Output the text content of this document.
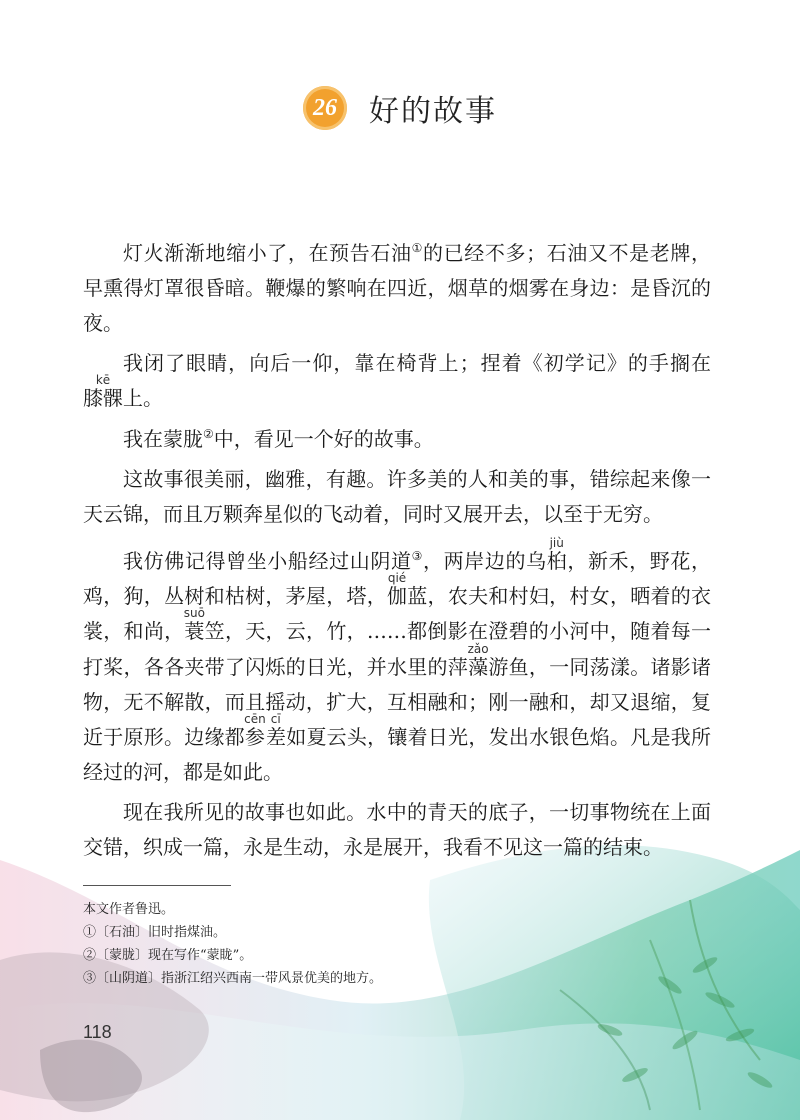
26 好的故事

灯火渐渐地缩小了，在预告石油①的已经不多；石油又不是老牌，早熏得灯罩很昏暗。鞭爆的繁响在四近，烟草的烟雾在身边：是昏沉的夜。

我闭了眼睛，向后一仰，靠在椅背上；捏着《初学记》的手搁在膝髁kē上。

我在蒙胧②中，看见一个好的故事。

这故事很美丽，幽雅，有趣。许多美的人和美的事，错综起来像一天云锦，而且万颗奔星似的飞动着，同时又展开去，以至于无穷。

我仿佛记得曾坐小船经过山阴道③，两岸边的乌桕jiù，新禾，野花，鸡，狗，丛树和枯树，茅屋，塔，伽qié蓝，农夫和村妇，村女，晒着的衣裳，和尚，蓑suō笠，天，云，竹，……都倒影在澄碧的小河中，随着每一打桨，各各夹带了闪烁的日光，并水里的萍藻zǎo游鱼，一同荡漾。诸影诸物，无不解散，而且摇动，扩大，互相融和；刚一融和，却又退缩，复近于原形。边缘都参cēn差cī如夏云头，镶着日光，发出水银色焰。凡是我所经过的河，都是如此。

现在我所见的故事也如此。水中的青天的底子，一切事物统在上面交错，织成一篇，永是生动，永是展开，我看不见这一篇的结束。

本文作者鲁迅。

①〔石油〕旧时指煤油。

②〔蒙胧〕现在写作“蒙眬”。

③〔山阴道〕指浙江绍兴西南一带风景优美的地方。

118
